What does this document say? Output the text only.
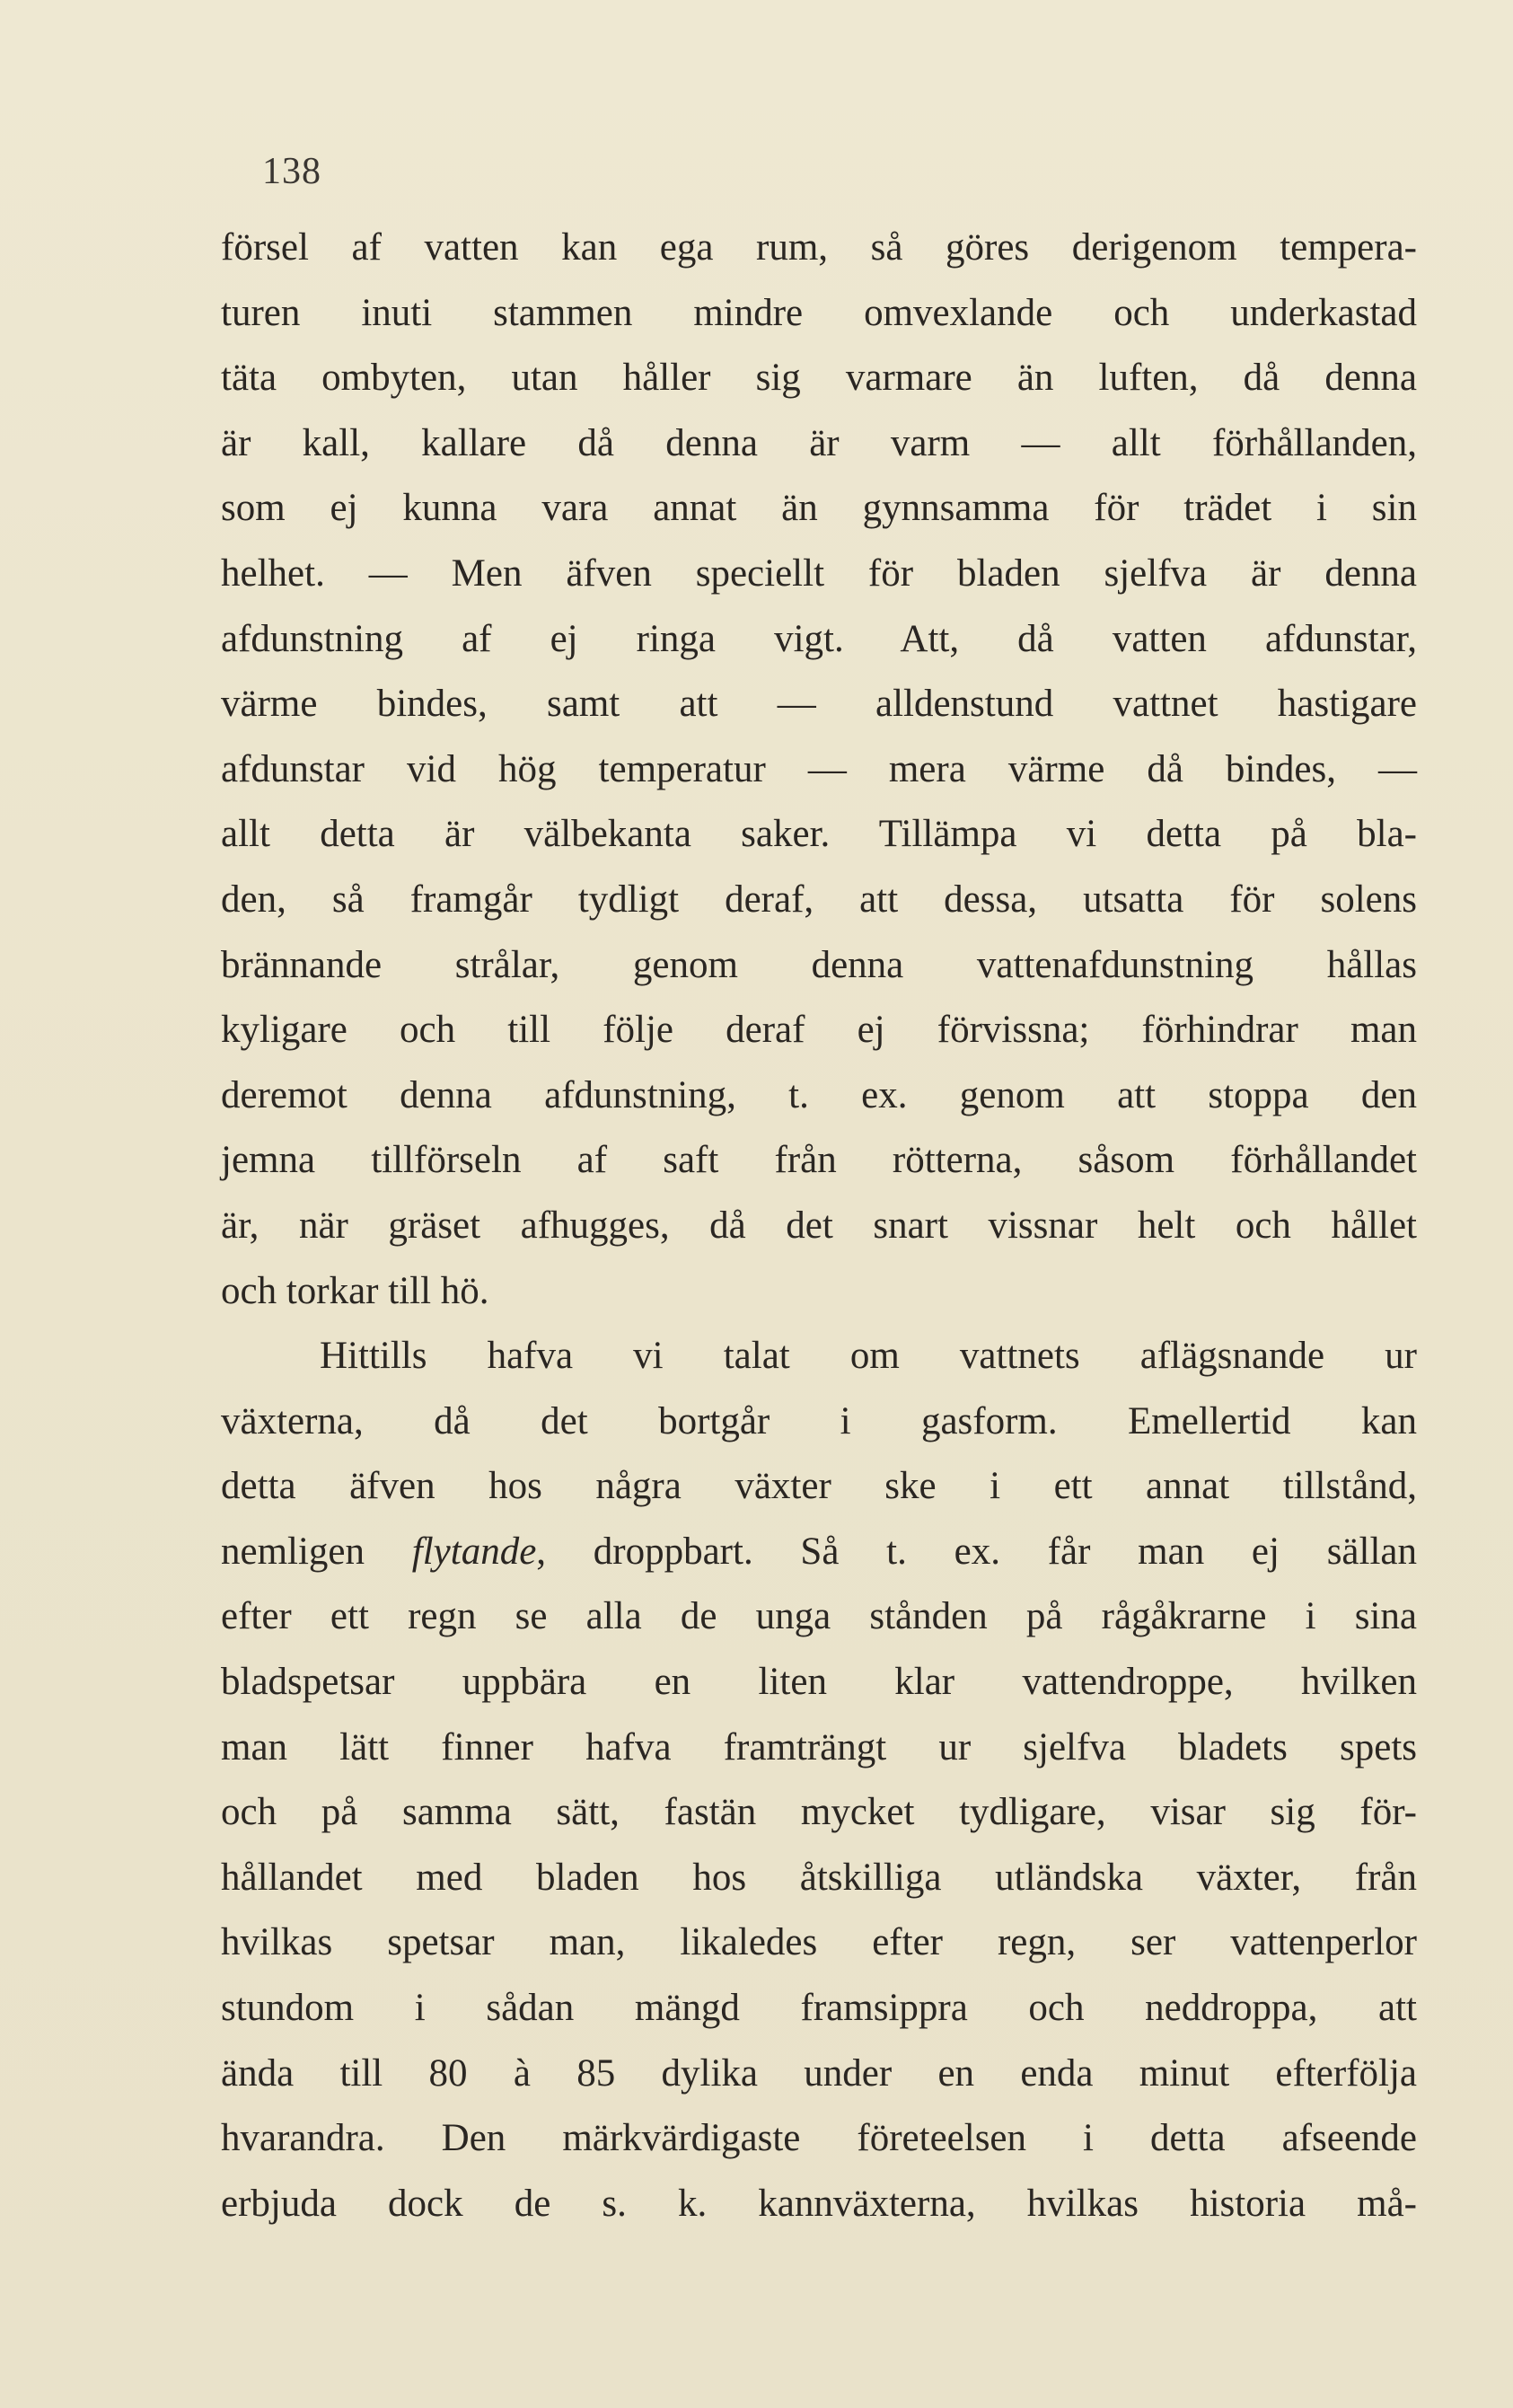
138
försel af vatten kan ega rum, så göres derigenom tempera-
turen inuti stammen mindre omvexlande och underkastad
täta ombyten, utan håller sig varmare än luften, då denna
är kall, kallare då denna är varm — allt förhållanden,
som ej kunna vara annat än gynnsamma för trädet i sin
helhet. — Men äfven speciellt för bladen sjelfva är denna
afdunstning af ej ringa vigt. Att, då vatten afdunstar,
värme bindes, samt att — alldenstund vattnet hastigare
afdunstar vid hög temperatur — mera värme då bindes, —
allt detta är välbekanta saker. Tillämpa vi detta på bla-
den, så framgår tydligt deraf, att dessa, utsatta för solens
brännande strålar, genom denna vattenafdunstning hållas
kyligare och till följe deraf ej förvissna; förhindrar man
deremot denna afdunstning, t. ex. genom att stoppa den
jemna tillförseln af saft från rötterna, såsom förhållandet
är, när gräset afhugges, då det snart vissnar helt och hållet
och torkar till hö.
Hittills hafva vi talat om vattnets aflägsnande ur
växterna, då det bortgår i gasform. Emellertid kan
detta äfven hos några växter ske i ett annat tillstånd,
nemligen flytande, droppbart. Så t. ex. får man ej sällan
efter ett regn se alla de unga stånden på rågåkrarne i sina
bladspetsar uppbära en liten klar vattendroppe, hvilken
man lätt finner hafva framträngt ur sjelfva bladets spets
och på samma sätt, fastän mycket tydligare, visar sig för-
hållandet med bladen hos åtskilliga utländska växter, från
hvilkas spetsar man, likaledes efter regn, ser vattenperlor
stundom i sådan mängd framsippra och neddroppa, att
ända till 80 à 85 dylika under en enda minut efterfölja
hvarandra. Den märkvärdigaste företeelsen i detta afseende
erbjuda dock de s. k. kannväxterna, hvilkas historia må-
